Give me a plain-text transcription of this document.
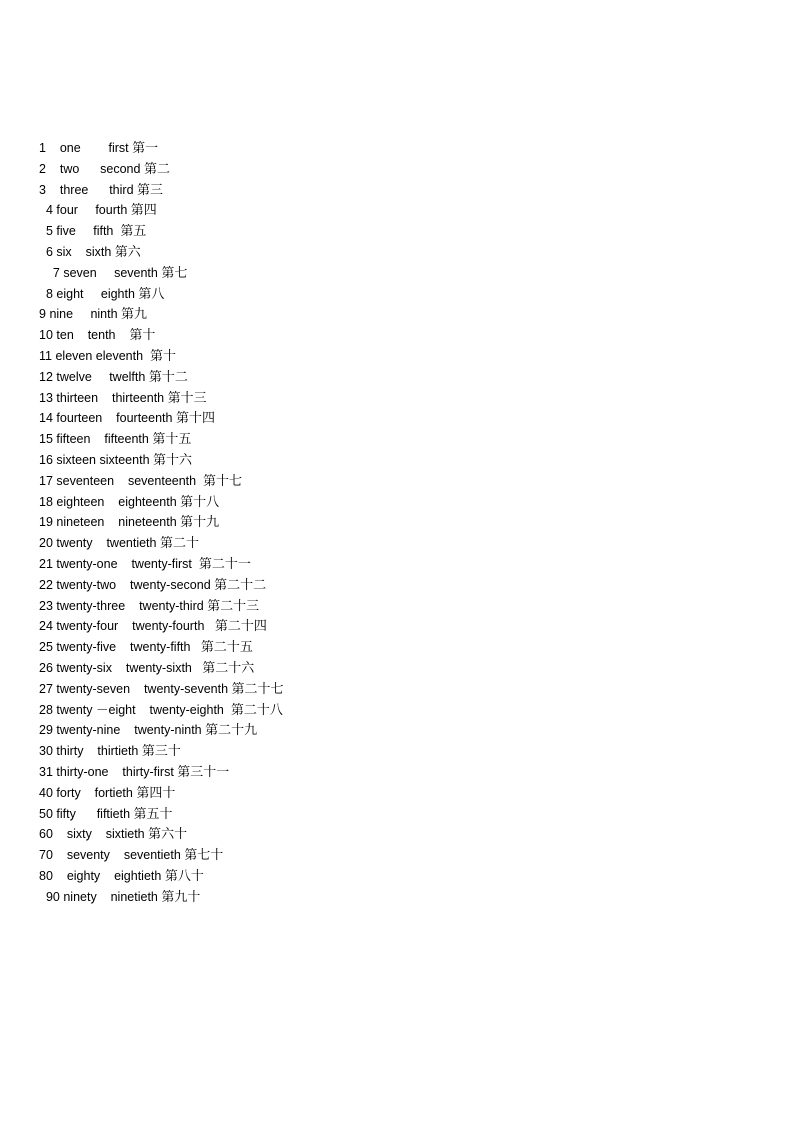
1 one first 第一
2 two second 第二
3 three third 第三
4 four fourth 第四
5 five fifth 第五
6 six sixth 第六
7 seven seventh 第七
8 eight eighth 第八
9 nine ninth 第九
10 ten tenth 第十
11 eleven eleventh 第十
12 twelve twelfth 第十二
13 thirteen thirteenth 第十三
14 fourteen fourteenth 第十四
15 fifteen fifteenth 第十五
16 sixteen sixteenth 第十六
17 seventeen seventeenth 第十七
18 eighteen eighteenth 第十八
19 nineteen nineteenth 第十九
20 twenty twentieth 第二十
21 twenty-one twenty-first 第二十一
22 twenty-two twenty-second 第二十二
23 twenty-three twenty-third 第二十三
24 twenty-four twenty-fourth 第二十四
25 twenty-five twenty-fifth 第二十五
26 twenty-six twenty-sixth 第二十六
27 twenty-seven twenty-seventh 第二十七
28 twenty －eight twenty-eighth 第二十八
29 twenty-nine twenty-ninth 第二十九
30 thirty thirtieth 第三十
31 thirty-one thirty-first 第三十一
40 forty fortieth 第四十
50 fifty fiftieth 第五十
60 sixty sixtieth 第六十
70 seventy seventieth 第七十
80 eighty eightieth 第八十
90 ninety ninetieth 第九十
